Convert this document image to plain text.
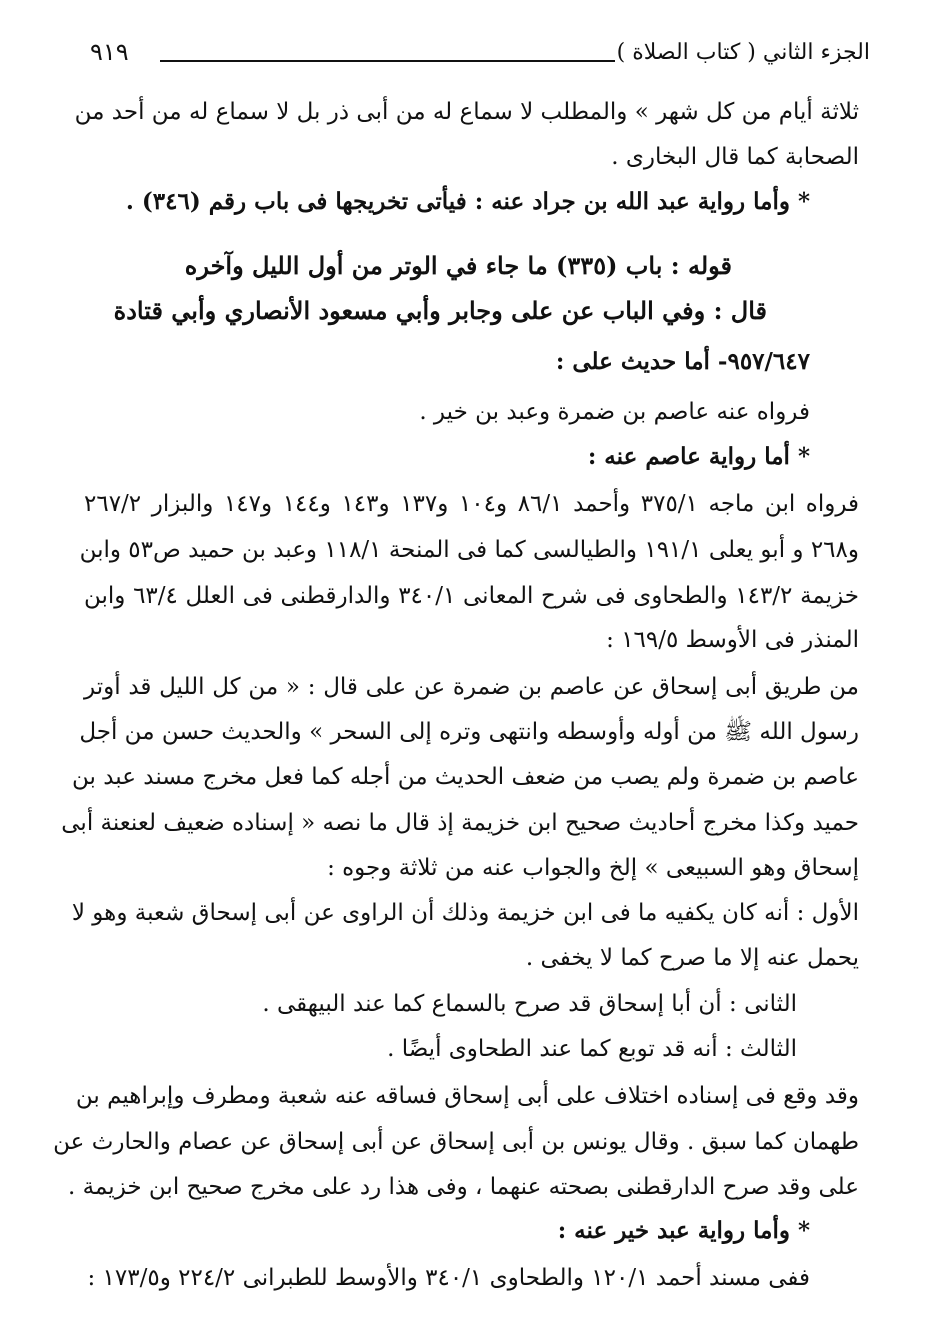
الجزء الثاني ( كتاب الصلاة )
٩١٩
ثلاثة أيام من كل شهر » والمطلب لا سماع له من أبى ذر بل لا سماع له من أحد من
الصحابة كما قال البخارى .
* وأما رواية عبد الله بن جراد عنه : فيأتى تخريجها فى باب رقم (٣٤٦) .
قوله : باب (٣٣٥) ما جاء في الوتر من أول الليل وآخره
قال : وفي الباب عن على وجابر وأبي مسعود الأنصاري وأبي قتادة
٩٥٧/٦٤٧- أما حديث على :
فرواه عنه عاصم بن ضمرة وعبد بن خير .
* أما رواية عاصم عنه :
فرواه ابن ماجه ٣٧٥/١ وأحمد ٨٦/١ و١٠٤ و١٣٧ و١٤٣ و١٤٤ و١٤٧ والبزار ٢٦٧/٢
و٢٦٨ و أبو يعلى ١٩١/١ والطيالسى كما فى المنحة ١١٨/١ وعبد بن حميد ص٥٣ وابن
خزيمة ١٤٣/٢ والطحاوى فى شرح المعانى ٣٤٠/١ والدارقطنى فى العلل ٦٣/٤ وابن
المنذر فى الأوسط ١٦٩/٥ :
من طريق أبى إسحاق عن عاصم بن ضمرة عن على قال : « من كل الليل قد أوتر
رسول الله ﷺ من أوله وأوسطه وانتهى وتره إلى السحر » والحديث حسن من أجل
عاصم بن ضمرة ولم يصب من ضعف الحديث من أجله كما فعل مخرج مسند عبد بن
حميد وكذا مخرج أحاديث صحيح ابن خزيمة إذ قال ما نصه « إسناده ضعيف لعنعنة أبى
إسحاق وهو السبيعى » إلخ والجواب عنه من ثلاثة وجوه :
الأول : أنه كان يكفيه ما فى ابن خزيمة وذلك أن الراوى عن أبى إسحاق شعبة وهو لا
يحمل عنه إلا ما صرح كما لا يخفى .
الثانى : أن أبا إسحاق قد صرح بالسماع كما عند البيهقى .
الثالث : أنه قد توبع كما عند الطحاوى أيضًا .
وقد وقع فى إسناده اختلاف على أبى إسحاق فساقه عنه شعبة ومطرف وإبراهيم بن
طهمان كما سبق . وقال يونس بن أبى إسحاق عن أبى إسحاق عن عصام والحارث عن
على وقد صرح الدارقطنى بصحته عنهما ، وفى هذا رد على مخرج صحيح ابن خزيمة .
* وأما رواية عبد خير عنه :
ففى مسند أحمد ١٢٠/١ والطحاوى ٣٤٠/١ والأوسط للطبرانى ٢٢٤/٢ و١٧٣/٥ :
